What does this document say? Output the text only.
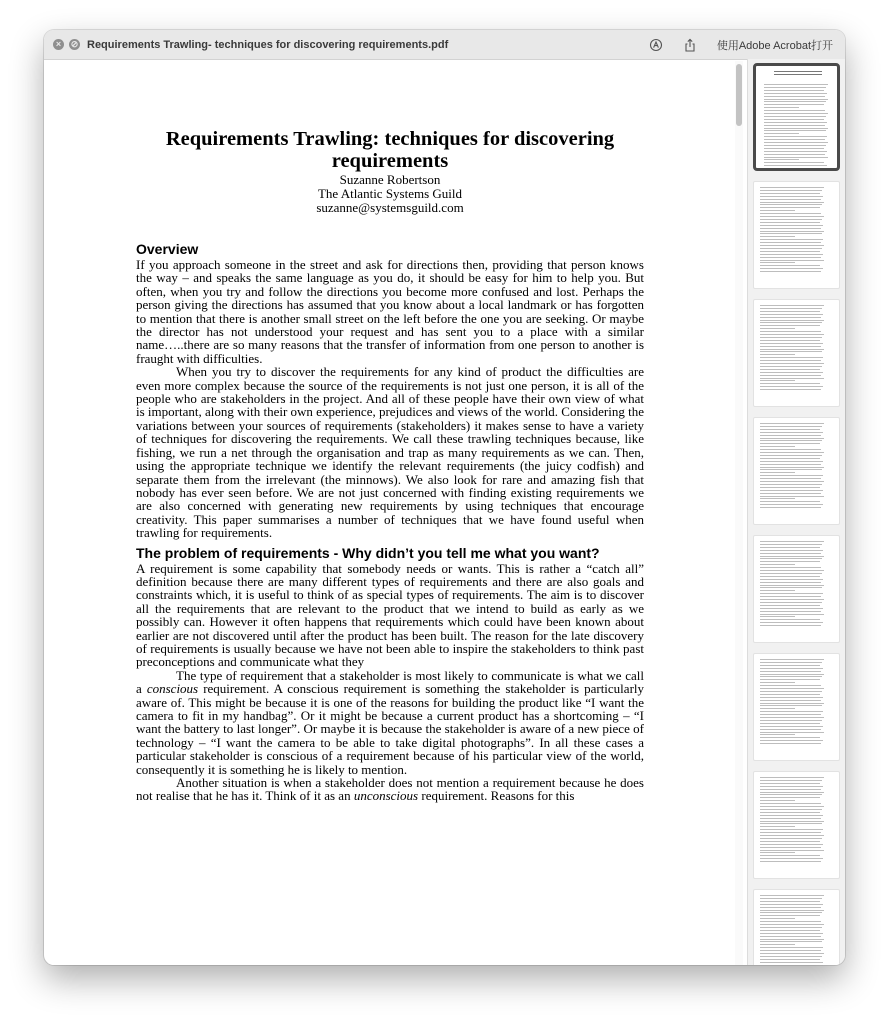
×	⊘ Requirements Trawling- techniques for discovering requirements.pdf	使用Adobe Acrobat打开
Requirements Trawling: techniques for discovering requirements
Suzanne Robertson
The Atlantic Systems Guild
suzanne@systemsguild.com
Overview

If you approach someone in the street and ask for directions then, providing that person knows the way – and speaks the same language as you do, it should be easy for him to help you. But often, when you try and follow the directions you become more confused and lost. Perhaps the person giving the directions has assumed that you know about a local landmark or has forgotten to mention that there is another small street on the left before the one you are seeking. Or maybe the director has not understood your request and has sent you to a place with a similar name…..there are so many reasons that the transfer of information from one person to another is fraught with difficulties.

When you try to discover the requirements for any kind of product the difficulties are even more complex because the source of the requirements is not just one person, it is all of the people who are stakeholders in the project. And all of these people have their own view of what is important, along with their own experience, prejudices and views of the world. Considering the variations between your sources of requirements (stakeholders) it makes sense to have a variety of techniques for discovering the requirements. We call these trawling techniques because, like fishing, we run a net through the organisation and trap as many requirements as we can. Then, using the appropriate technique we identify the relevant requirements (the juicy codfish) and separate them from the irrelevant (the minnows). We also look for rare and amazing fish that nobody has ever seen before. We are not just concerned with finding existing requirements we are also concerned with generating new requirements by using techniques that encourage creativity. This paper summarises a number of techniques that we have found useful when trawling for requirements.

The problem of requirements - Why didn’t you tell me what you want?

A requirement is some capability that somebody needs or wants. This is rather a “catch all” definition because there are many different types of requirements and there are also goals and constraints which, it is useful to think of as special types of requirements. The aim is to discover all the requirements that are relevant to the product that we intend to build as early as we possibly can. However it often happens that requirements which could have been known about earlier are not discovered until after the product has been built. The reason for the late discovery of requirements is usually because we have not been able to inspire the stakeholders to think past preconceptions and communicate what they

The type of requirement that a stakeholder is most likely to communicate is what we call a conscious requirement. A conscious requirement is something the stakeholder is particularly aware of. This might be because it is one of the reasons for building the product like “I want the camera to fit in my handbag”. Or it might be because a current product has a shortcoming – “I want the battery to last longer”. Or maybe it is because the stakeholder is aware of a new piece of technology – “I want the camera to be able to take digital photographs”. In all these cases a particular stakeholder is conscious of a requirement because of his particular view of the world, consequently it is something he is likely to mention.

Another situation is when a stakeholder does not mention a requirement because he does not realise that he has it. Think of it as an unconscious requirement. Reasons for this
